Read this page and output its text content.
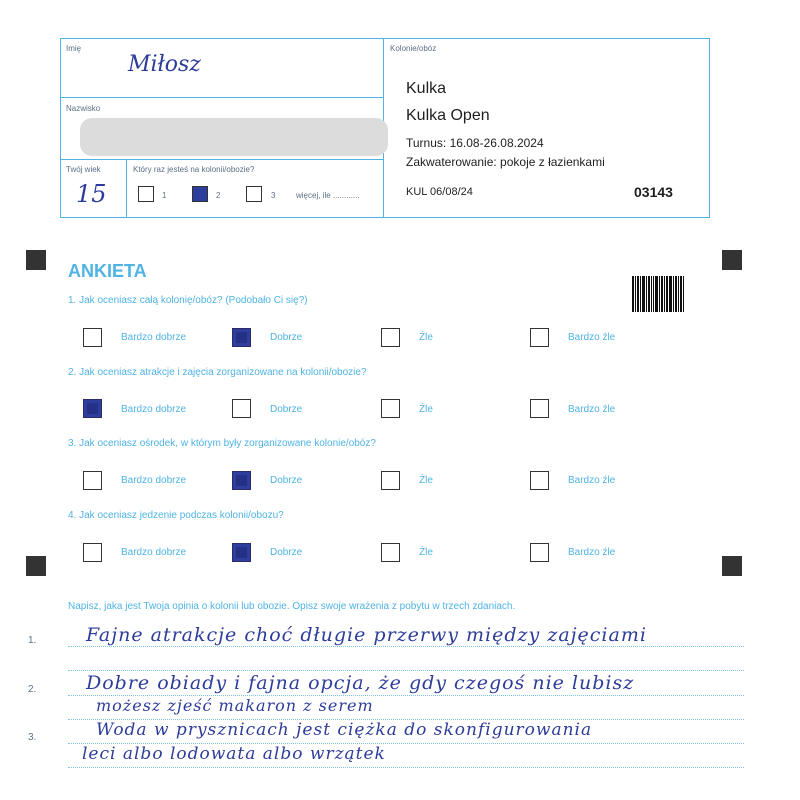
Imię
Miłosz
Nazwisko
Twój wiek
15
Który raz jesteś na kolonii/obozie?
1	2	3	więcej, ile ............
Kolonie/obóz
Kulka
Kulka Open
Turnus: 16.08-26.08.2024
Zakwaterowanie: pokoje z łazienkami
KUL 06/08/24	03143
ANKIETA
1. Jak oceniasz całą kolonię/obóz? (Podobało Ci się?)
Bardzo dobrze	Dobrze	Źle	Bardzo źle
2. Jak oceniasz atrakcje i zajęcia zorganizowane na kolonii/obozie?
Bardzo dobrze	Dobrze	Źle	Bardzo źle
3. Jak oceniasz ośrodek, w którym były zorganizowane kolonie/obóz?
Bardzo dobrze	Dobrze	Źle	Bardzo źle
4. Jak oceniasz jedzenie podczas kolonii/obozu?
Bardzo dobrze	Dobrze	Źle	Bardzo źle
Napisz, jaka jest Twoja opinia o kolonii lub obozie. Opisz swoje wrażenia z pobytu w trzech zdaniach.
1.
2.
3.
Fajne atrakcje choć długie przerwy między zajęciami
Dobre obiady i fajna opcja, że gdy czegoś nie lubisz
możesz zjeść makaron z serem
Woda w prysznicach jest ciężka do skonfigurowania
leci albo lodowata albo wrzątek
